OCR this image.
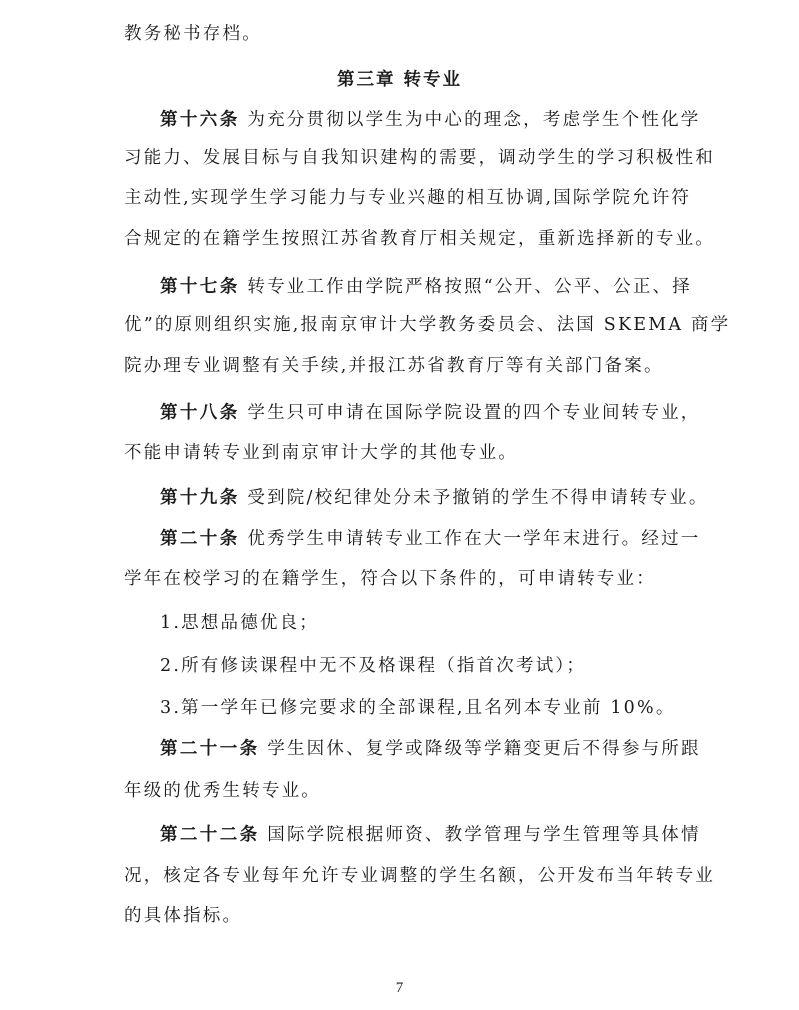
教务秘书存档。
第三章 转专业
第十六条 为充分贯彻以学生为中心的理念，考虑学生个性化学
习能力、发展目标与自我知识建构的需要，调动学生的学习积极性和
主动性,实现学生学习能力与专业兴趣的相互协调,国际学院允许符
合规定的在籍学生按照江苏省教育厅相关规定，重新选择新的专业。
第十七条 转专业工作由学院严格按照“公开、公平、公正、择
优”的原则组织实施,报南京审计大学教务委员会、法国 SKEMA 商学
院办理专业调整有关手续,并报江苏省教育厅等有关部门备案。
第十八条 学生只可申请在国际学院设置的四个专业间转专业，
不能申请转专业到南京审计大学的其他专业。
第十九条 受到院/校纪律处分未予撤销的学生不得申请转专业。
第二十条 优秀学生申请转专业工作在大一学年末进行。经过一
学年在校学习的在籍学生，符合以下条件的，可申请转专业：
1.思想品德优良；
2.所有修读课程中无不及格课程（指首次考试）；
3.第一学年已修完要求的全部课程,且名列本专业前 10%。
第二十一条 学生因休、复学或降级等学籍变更后不得参与所跟
年级的优秀生转专业。
第二十二条 国际学院根据师资、教学管理与学生管理等具体情
况，核定各专业每年允许专业调整的学生名额，公开发布当年转专业
的具体指标。
7
